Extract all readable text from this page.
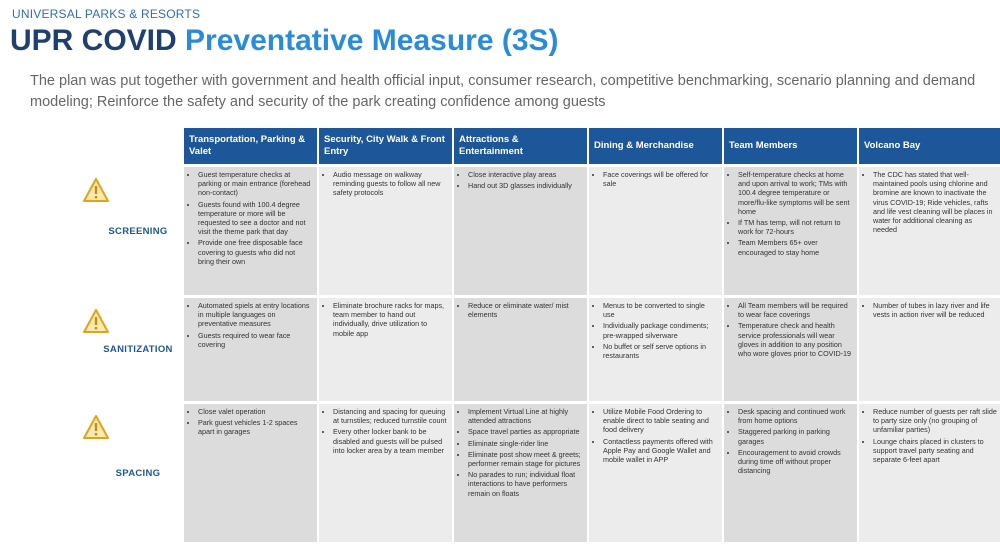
UNIVERSAL PARKS & RESORTS
UPR COVID Preventative Measure (3S)
The plan was put together with government and health official input, consumer research, competitive benchmarking, scenario planning and demand modeling; Reinforce the safety and security of the park creating confidence among guests
Transportation, Parking & Valet
Security, City Walk & Front Entry
Attractions & Entertainment
Dining & Merchandise	Team Members	Volcano Bay
SCREENING
• Guest temperature checks at parking or main entrance (forehead non-contact)
• Guests found with 100.4 degree temperature or more will be requested to see a doctor and not visit the theme park that day
• Provide one free disposable face covering to guests who did not bring their own
• Audio message on walkway reminding guests to follow all new safety protocols
• Close interactive play areas
• Hand out 3D glasses individually
• Face coverings will be offered for sale
• Self-temperature checks at home and upon arrival to work; TMs with 100.4 degree temperature or more/flu-like symptoms will be sent home
• If TM has temp, will not return to work for 72-hours
• Team Members 65+ over encouraged to stay home
• The CDC has stated that well-maintained pools using chlorine and bromine are known to inactivate the virus COVID-19; Ride vehicles, rafts and life vest cleaning will be places in water for additional cleaning as needed
SANITIZATION
• Automated spiels at entry locations in multiple languages on preventative measures
• Guests required to wear face covering
• Eliminate brochure racks for maps, team member to hand out individually, drive utilization to mobile app
• Reduce or eliminate water/ mist elements
• Menus to be converted to single use
• Individually package condiments; pre-wrapped silverware
• No buffet or self serve options in restaurants
• All Team members will be required to wear face coverings
• Temperature check and health service professionals will wear gloves in addition to any position who wore gloves prior to COVID-19
• Number of tubes in lazy river and life vests in action river will be reduced
SPACING
• Close valet operation
• Park guest vehicles 1-2 spaces apart in garages
• Distancing and spacing for queuing at turnstiles; reduced turnstile count
• Every other locker bank to be disabled and guests will be pulsed into locker area by a team member
• Implement Virtual Line at highly attended attractions
• Space travel parties as appropriate
• Eliminate single-rider line
• Eliminate post show meet & greets; performer remain stage for pictures
• No parades to run; individual float interactions to have performers remain on floats
• Utilize Mobile Food Ordering to enable direct to table seating and food delivery
• Contactless payments offered with Apple Pay and Google Wallet and mobile wallet in APP
• Desk spacing and continued work from home options
• Staggered parking in parking garages
• Encouragement to avoid crowds during time off without proper distancing
• Reduce number of guests per raft slide to party size only (no grouping of unfamiliar parties)
• Lounge chairs placed in clusters to support travel party seating and separate 6-feet apart
